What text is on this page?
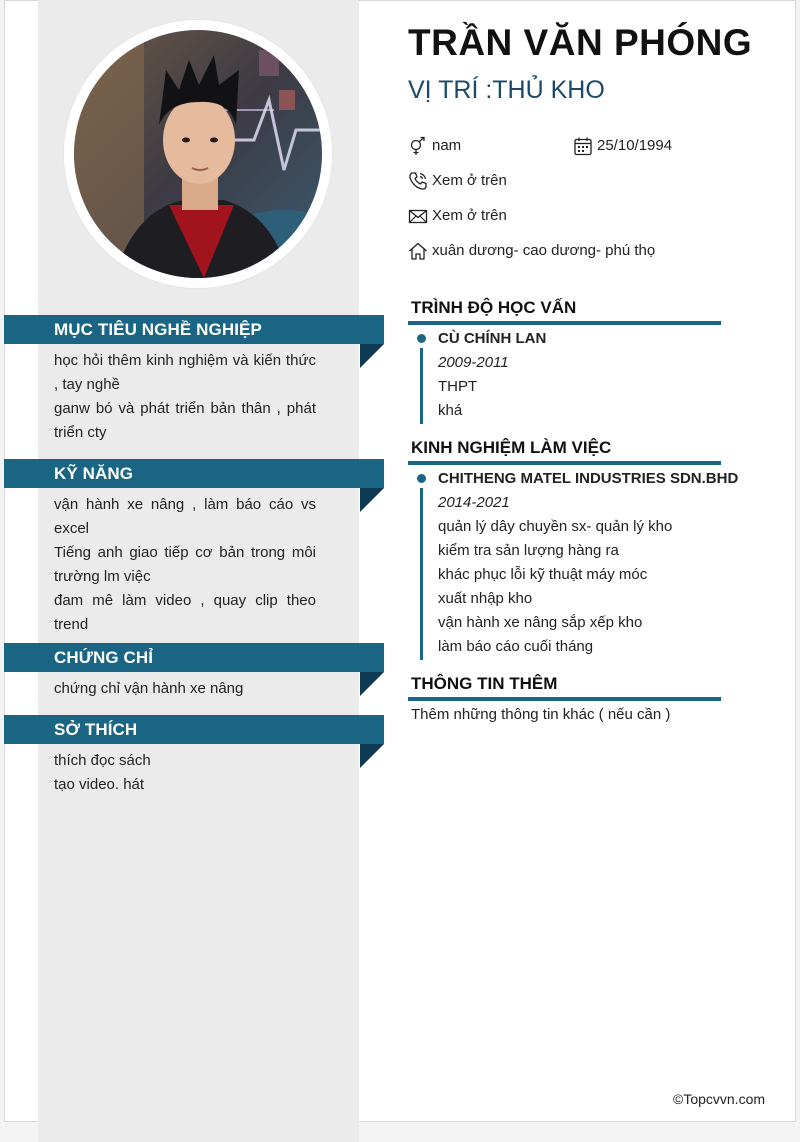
MỤC TIÊU NGHỀ NGHIỆP
học hỏi thêm kinh nghiệm và kiến thức , tay nghề
ganw bó và phát triển bản thân , phát triển cty
KỸ NĂNG
vận hành xe nâng , làm báo cáo vs excel
Tiếng anh giao tiếp cơ bản trong môi trường lm việc
đam mê làm video , quay clip theo trend
CHỨNG CHỈ
chứng chỉ vận hành xe nâng
SỞ THÍCH
thích đọc sách
tạo video. hát
TRẦN VĂN PHÓNG
VỊ TRÍ :THỦ KHO
nam	25/10/1994
Xem ở trên
Xem ở trên
xuân dương- cao dương- phú thọ
TRÌNH ĐỘ HỌC VẤN
CÙ CHÍNH LAN
2009-2011
THPT
khá
KINH NGHIỆM LÀM VIỆC
CHITHENG MATEL INDUSTRIES SDN.BHD
2014-2021
quản lý dây chuyền sx- quản lý kho
kiểm tra sản lượng hàng ra
khác phục lỗi kỹ thuật máy móc
xuất nhập kho
vận hành xe nâng sắp xếp kho
làm báo cáo cuối tháng
THÔNG TIN THÊM
Thêm những thông tin khác ( nếu cần )
©Topcvvn.com
